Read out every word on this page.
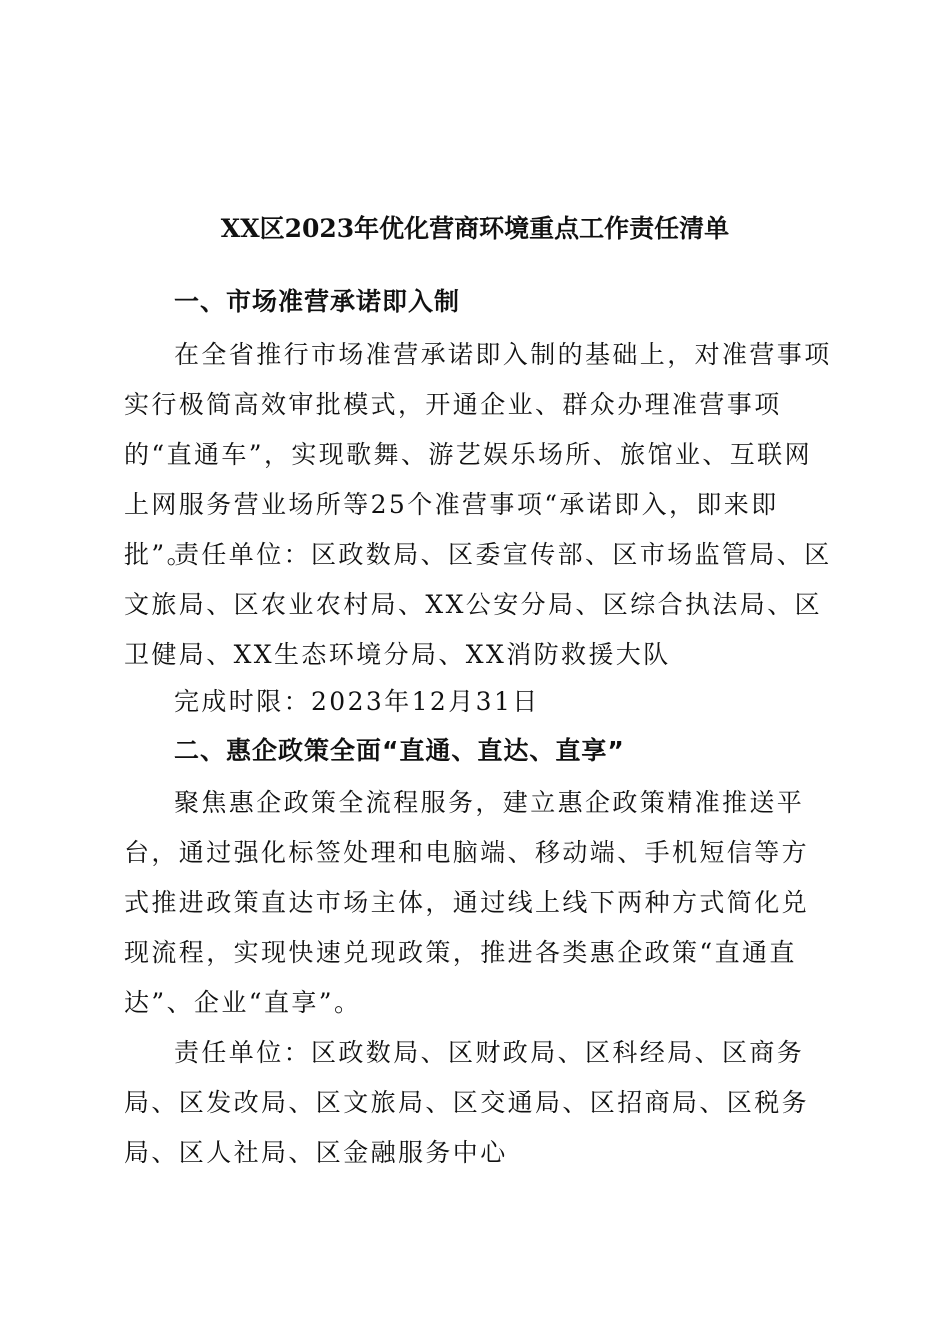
XX区2023年优化营商环境重点工作责任清单
一、市场准营承诺即入制

在全省推行市场准营承诺即入制的基础上，对准营事项实行极简高效审批模式，开通企业、群众办理准营事项的“直通车”，实现歌舞、游艺娱乐场所、旅馆业、互联网上网服务营业场所等25个准营事项“承诺即入，即来即批”。

责任单位：区政数局、区委宣传部、区市场监管局、区文旅局、区农业农村局、XX公安分局、区综合执法局、区卫健局、XX生态环境分局、XX消防救援大队

完成时限：2023年12月31日

二、惠企政策全面“直通、直达、直享”

聚焦惠企政策全流程服务，建立惠企政策精准推送平台，通过强化标签处理和电脑端、移动端、手机短信等方式推进政策直达市场主体，通过线上线下两种方式简化兑现流程，实现快速兑现政策，推进各类惠企政策“直通直达”、企业“直享”。

责任单位：区政数局、区财政局、区科经局、区商务局、区发改局、区文旅局、区交通局、区招商局、区税务局、区人社局、区金融服务中心
